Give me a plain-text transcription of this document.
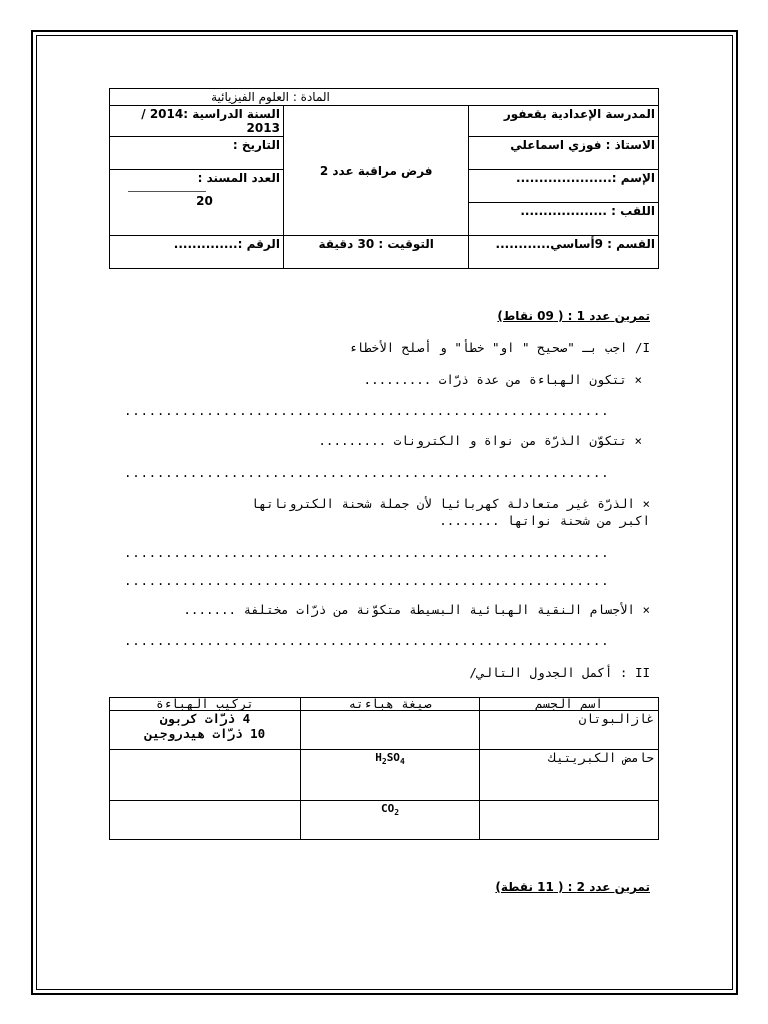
المادة : العلوم الفيزيائية		
المدرسة الإعدادية بقعفور	فرض مراقبة عدد 2	السنة الدراسية :2014 / 2013
الاستاذ : فوزي اسماعلي		التاريخ :
الإسم :.....................		العدد المسند :
20

اللقب : ...................		
القسم : 9أساسي............	التوقيت : 30 دقيقة	الرقم :..............
تمرين عدد 1 : ( 09 نقاط)
I/ اجب بـ "صحيح " او" خطأ" و أصلح الأخطاء
× تتكون الهباءة من عدة ذرّات .........
...........................................................
× تتكوّن الذرّة من نواة و الكترونات .........
...........................................................
× الذرّة غير متعادلة كهربائيا لأن جملة شحنة الكتروناتها
اكبر من شحنة نواتها ........
...........................................................
...........................................................
× الأجسام النقية الهبائية البسيطة متكوّنة من ذرّات مختلفة .......
...........................................................
II : أكمل الجدول التالي/
اسم الجسم	صيغة هباءته	تركيب الهباءة
غازالبوتان		4 ذرّات كربون
10 ذرّات هيدروجين

حامض الكبريتيك	$H_2SO_4$	
	$CO_2$	
تمرين عدد 2 : ( 11 نقطة)
